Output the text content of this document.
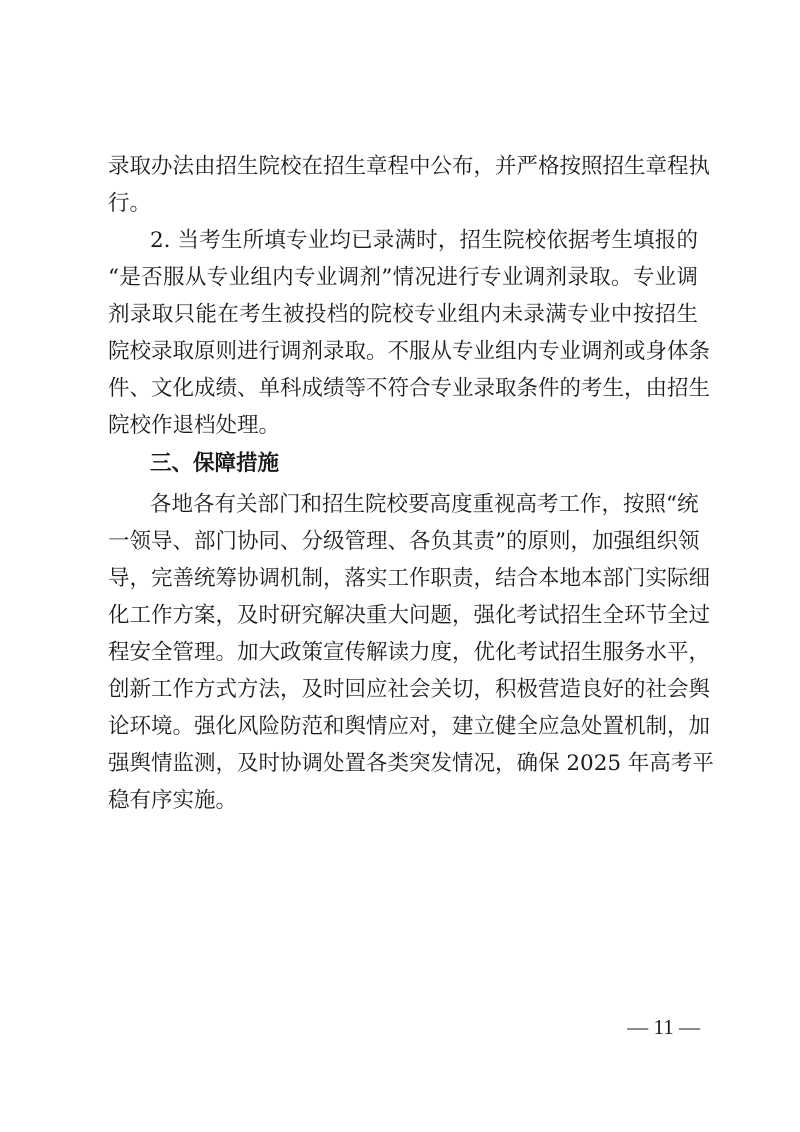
录取办法由招生院校在招生章程中公布，并严格按照招生章程执
行。
2. 当考生所填专业均已录满时，招生院校依据考生填报的
“是否服从专业组内专业调剂”情况进行专业调剂录取。专业调
剂录取只能在考生被投档的院校专业组内未录满专业中按招生
院校录取原则进行调剂录取。不服从专业组内专业调剂或身体条
件、文化成绩、单科成绩等不符合专业录取条件的考生，由招生
院校作退档处理。
三、保障措施
各地各有关部门和招生院校要高度重视高考工作，按照“统
一领导、部门协同、分级管理、各负其责”的原则，加强组织领
导，完善统筹协调机制，落实工作职责，结合本地本部门实际细
化工作方案，及时研究解决重大问题，强化考试招生全环节全过
程安全管理。加大政策宣传解读力度，优化考试招生服务水平，
创新工作方式方法，及时回应社会关切，积极营造良好的社会舆
论环境。强化风险防范和舆情应对，建立健全应急处置机制，加
强舆情监测，及时协调处置各类突发情况，确保 2025 年高考平
稳有序实施。
— 11 —
